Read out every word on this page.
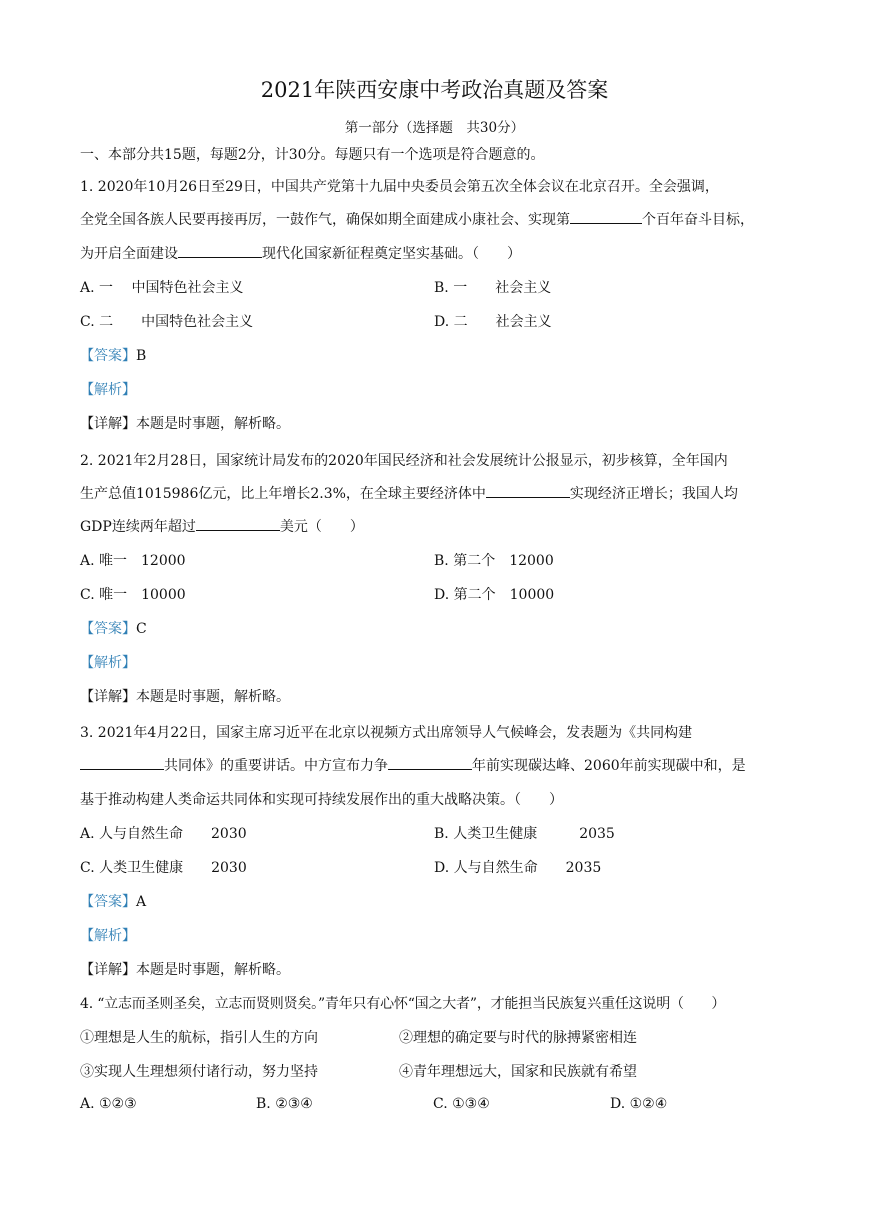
2021年陕西安康中考政治真题及答案
第一部分（选择题　共30分）
一、本部分共15题，每题2分，计30分。每题只有一个选项是符合题意的。
1. 2020年10月26日至29日，中国共产党第十九届中央委员会第五次全体会议在北京召开。全会强调，
全党全国各族人民要再接再厉，一鼓作气，确保如期全面建成小康社会、实现第	个百年奋斗目标，
为开启全面建设	现代化国家新征程奠定坚实基础。（　　）
A. 一　 中国特色社会主义	B. 一　　社会主义
C. 二　　中国特色社会主义	D. 二　　社会主义
【答案】B
【解析】
【详解】本题是时事题，解析略。
2. 2021年2月28日，国家统计局发布的2020年国民经济和社会发展统计公报显示，初步核算，全年国内
生产总值1015986亿元，比上年增长2.3%，在全球主要经济体中	实现经济正增长；我国人均
GDP连续两年超过	美元（　　）
A. 唯一　12000	B. 第二个　12000
C. 唯一　10000	D. 第二个　10000
【答案】C
【解析】
【详解】本题是时事题，解析略。
3. 2021年4月22日，国家主席习近平在北京以视频方式出席领导人气候峰会，发表题为《共同构建
共同体》的重要讲话。中方宣布力争	年前实现碳达峰、2060年前实现碳中和，是
基于推动构建人类命运共同体和实现可持续发展作出的重大战略决策。（　　）
A. 人与自然生命　　2030	B. 人类卫生健康　　　2035
C. 人类卫生健康　　2030	D. 人与自然生命　　2035
【答案】A
【解析】
【详解】本题是时事题，解析略。
4. “立志而圣则圣矣，立志而贤则贤矣。”青年只有心怀“国之大者”，才能担当民族复兴重任这说明（　　）
①理想是人生的航标，指引人生的方向	②理想的确定要与时代的脉搏紧密相连
③实现人生理想须付诸行动，努力坚持	④青年理想远大，国家和民族就有希望
A. ①②③	B. ②③④	C. ①③④	D. ①②④
